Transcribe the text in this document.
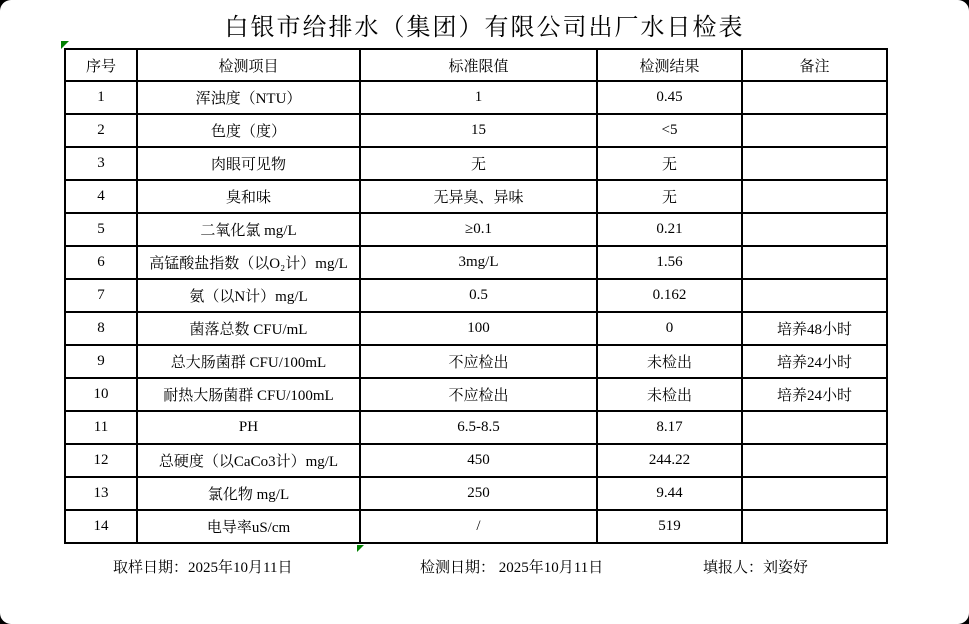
白银市给排水（集团）有限公司出厂水日检表
序号	检测项目	标准限值	检测结果	备注
1	浑浊度（NTU）	1	0.45	
2	色度（度）	15	<5	
3	肉眼可见物	无	无	
4	臭和味	无异臭、异味	无	
5	二氧化氯 mg/L	≥0.1	0.21	
6	高锰酸盐指数（以O₂计）mg/L	3mg/L	1.56	
7	氨（以N计）mg/L	0.5	0.162	
8	菌落总数 CFU/mL	100	0	培养48小时
9	总大肠菌群 CFU/100mL	不应检出	未检出	培养24小时
10	耐热大肠菌群 CFU/100mL	不应检出	未检出	培养24小时
11	PH	6.5-8.5	8.17	
12	总硬度（以CaCo3计）mg/L	450	244.22	
13	氯化物 mg/L	250	9.44	
14	电导率uS/cm	/	519	
取样日期：2025年10月11日	检测日期： 2025年10月11日	填报人：刘姿妤
